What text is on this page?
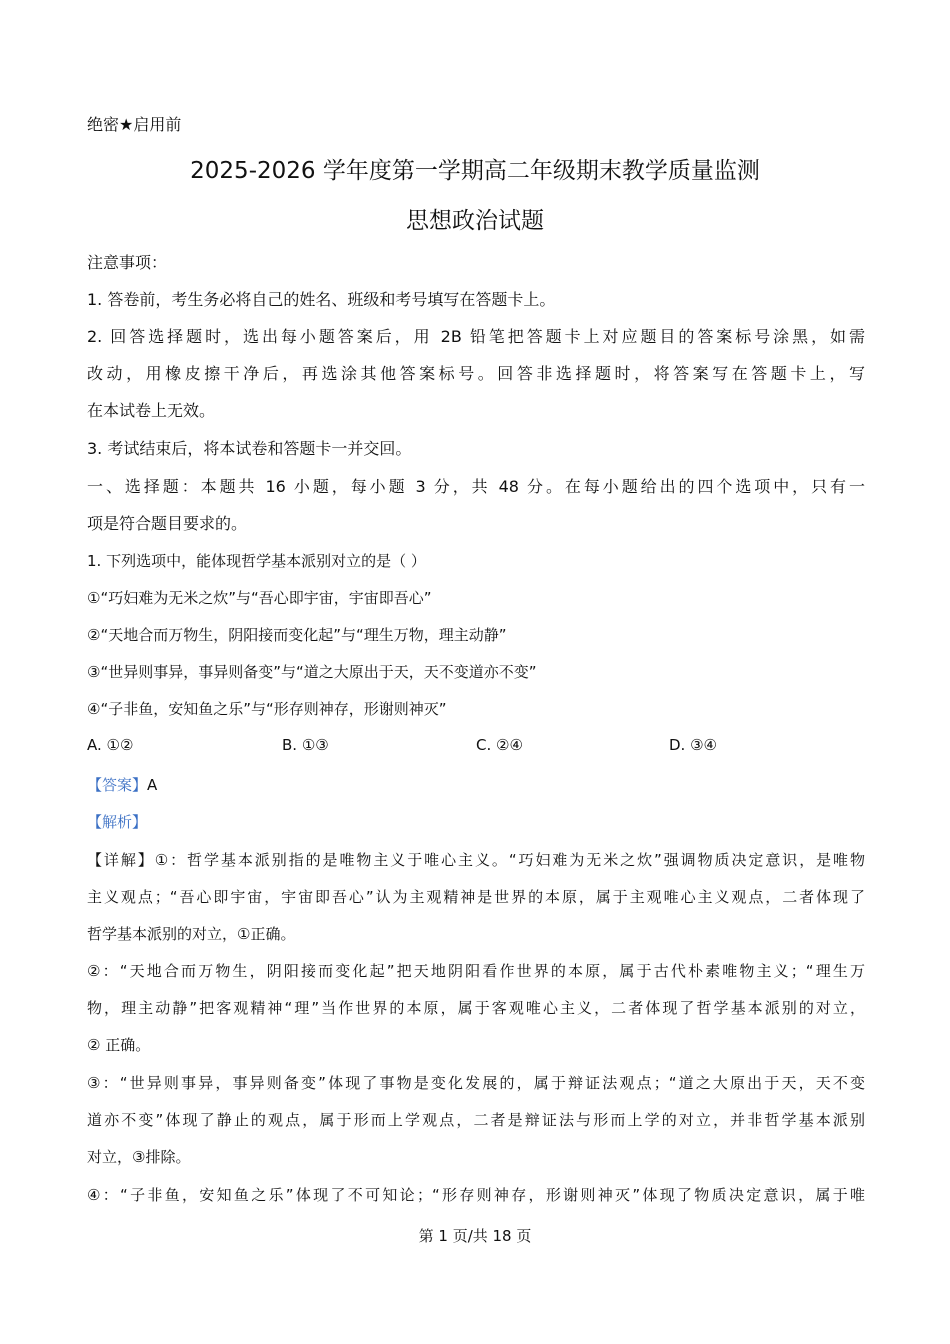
绝密★启用前
2025-2026 学年度第一学期高二年级期末教学质量监测
思想政治试题
注意事项：
1. 答卷前，考生务必将自己的姓名、班级和考号填写在答题卡上。
2. 回答选择题时，选出每小题答案后，用 2B 铅笔把答题卡上对应题目的答案标号涂黑，如需
改动，用橡皮擦干净后，再选涂其他答案标号。回答非选择题时，将答案写在答题卡上，写
在本试卷上无效。
3. 考试结束后，将本试卷和答题卡一并交回。
一、选择题：本题共 16 小题，每小题 3 分，共 48 分。在每小题给出的四个选项中，只有一
项是符合题目要求的。
1. 下列选项中，能体现哲学基本派别对立的是（ ）
①“巧妇难为无米之炊”与“吾心即宇宙，宇宙即吾心”
②“天地合而万物生，阴阳接而变化起”与“理生万物，理主动静”
③“世异则事异，事异则备变”与“道之大原出于天，天不变道亦不变”
④“子非鱼，安知鱼之乐”与“形存则神存，形谢则神灭”
A. ①②	B. ①③	C. ②④	D. ③④
【答案】A
【解析】
【详解】①：哲学基本派别指的是唯物主义于唯心主义。“巧妇难为无米之炊”强调物质决定意识，是唯物
主义观点；“吾心即宇宙，宇宙即吾心”认为主观精神是世界的本原，属于主观唯心主义观点，二者体现了
哲学基本派别的对立，①正确。
②：“天地合而万物生，阴阳接而变化起”把天地阴阳看作世界的本原，属于古代朴素唯物主义；“理生万
物，理主动静”把客观精神“理”当作世界的本原，属于客观唯心主义，二者体现了哲学基本派别的对立，
② 正确。
③：“世异则事异，事异则备变”体现了事物是变化发展的，属于辩证法观点；“道之大原出于天，天不变
道亦不变”体现了静止的观点，属于形而上学观点，二者是辩证法与形而上学的对立，并非哲学基本派别
对立，③排除。
④：“子非鱼，安知鱼之乐”体现了不可知论；“形存则神存，形谢则神灭”体现了物质决定意识，属于唯
第 1 页/共 18 页
